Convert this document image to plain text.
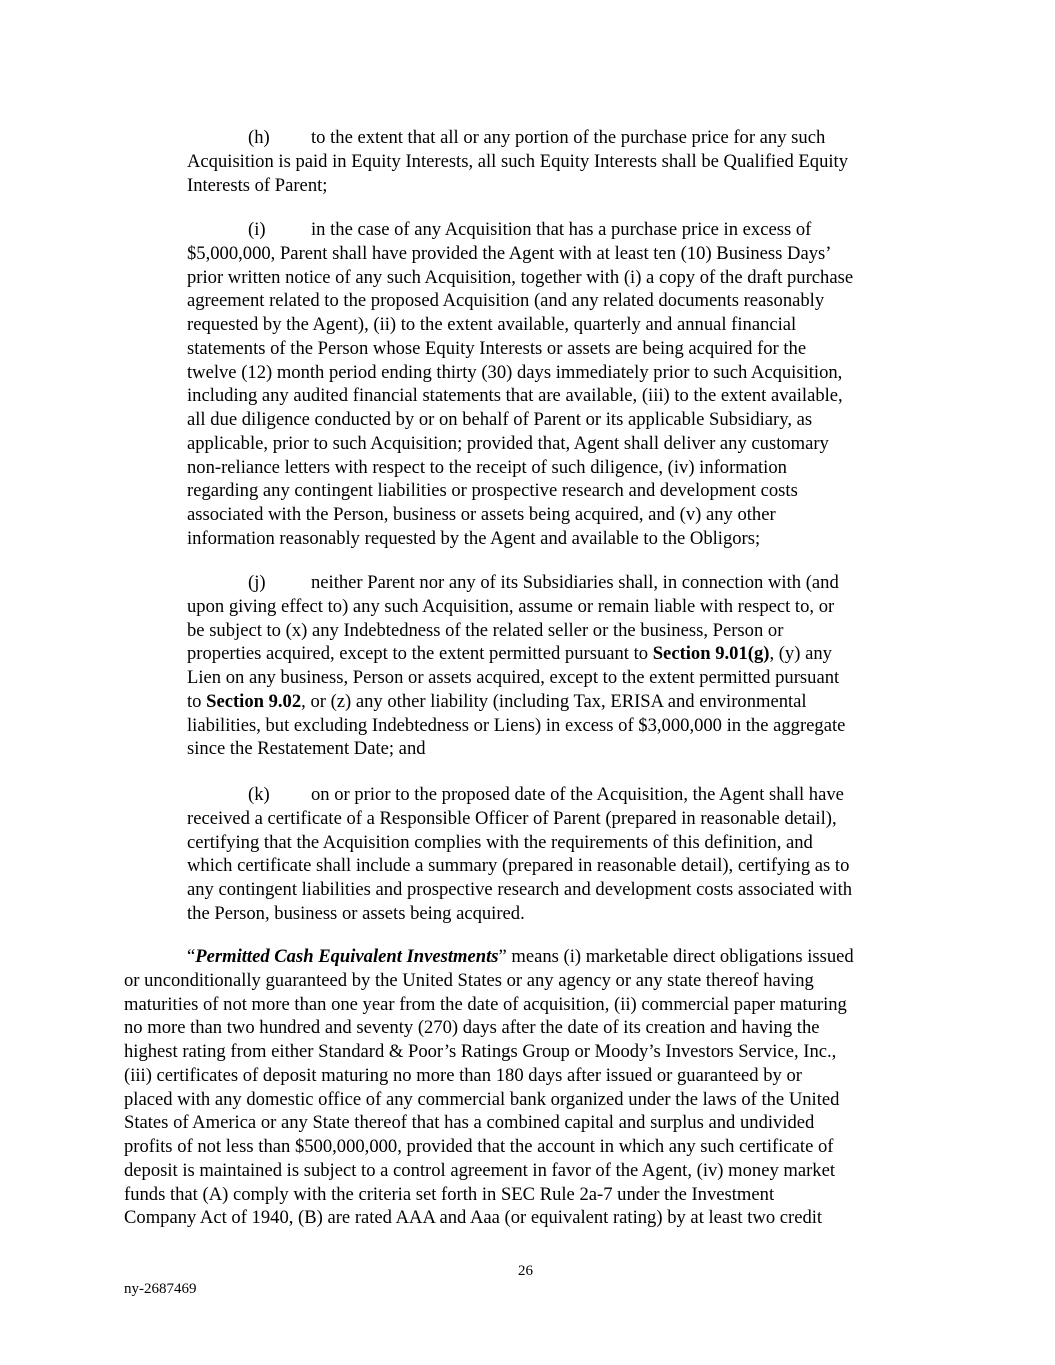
(h) to the extent that all or any portion of the purchase price for any such
Acquisition is paid in Equity Interests, all such Equity Interests shall be Qualified Equity
Interests of Parent;
(i) in the case of any Acquisition that has a purchase price in excess of
$5,000,000, Parent shall have provided the Agent with at least ten (10) Business Days’
prior written notice of any such Acquisition, together with (i) a copy of the draft purchase
agreement related to the proposed Acquisition (and any related documents reasonably
requested by the Agent), (ii) to the extent available, quarterly and annual financial
statements of the Person whose Equity Interests or assets are being acquired for the
twelve (12) month period ending thirty (30) days immediately prior to such Acquisition,
including any audited financial statements that are available, (iii) to the extent available,
all due diligence conducted by or on behalf of Parent or its applicable Subsidiary, as
applicable, prior to such Acquisition; provided that, Agent shall deliver any customary
non-reliance letters with respect to the receipt of such diligence, (iv) information
regarding any contingent liabilities or prospective research and development costs
associated with the Person, business or assets being acquired, and (v) any other
information reasonably requested by the Agent and available to the Obligors;
(j) neither Parent nor any of its Subsidiaries shall, in connection with (and
upon giving effect to) any such Acquisition, assume or remain liable with respect to, or
be subject to (x) any Indebtedness of the related seller or the business, Person or
properties acquired, except to the extent permitted pursuant to Section 9.01(g), (y) any
Lien on any business, Person or assets acquired, except to the extent permitted pursuant
to Section 9.02, or (z) any other liability (including Tax, ERISA and environmental
liabilities, but excluding Indebtedness or Liens) in excess of $3,000,000 in the aggregate
since the Restatement Date; and
(k) on or prior to the proposed date of the Acquisition, the Agent shall have
received a certificate of a Responsible Officer of Parent (prepared in reasonable detail),
certifying that the Acquisition complies with the requirements of this definition, and
which certificate shall include a summary (prepared in reasonable detail), certifying as to
any contingent liabilities and prospective research and development costs associated with
the Person, business or assets being acquired.
“Permitted Cash Equivalent Investments” means (i) marketable direct obligations issued
or unconditionally guaranteed by the United States or any agency or any state thereof having
maturities of not more than one year from the date of acquisition, (ii) commercial paper maturing
no more than two hundred and seventy (270) days after the date of its creation and having the
highest rating from either Standard & Poor’s Ratings Group or Moody’s Investors Service, Inc.,
(iii) certificates of deposit maturing no more than 180 days after issued or guaranteed by or
placed with any domestic office of any commercial bank organized under the laws of the United
States of America or any State thereof that has a combined capital and surplus and undivided
profits of not less than $500,000,000, provided that the account in which any such certificate of
deposit is maintained is subject to a control agreement in favor of the Agent, (iv) money market
funds that (A) comply with the criteria set forth in SEC Rule 2a-7 under the Investment
Company Act of 1940, (B) are rated AAA and Aaa (or equivalent rating) by at least two credit
26
ny-2687469
